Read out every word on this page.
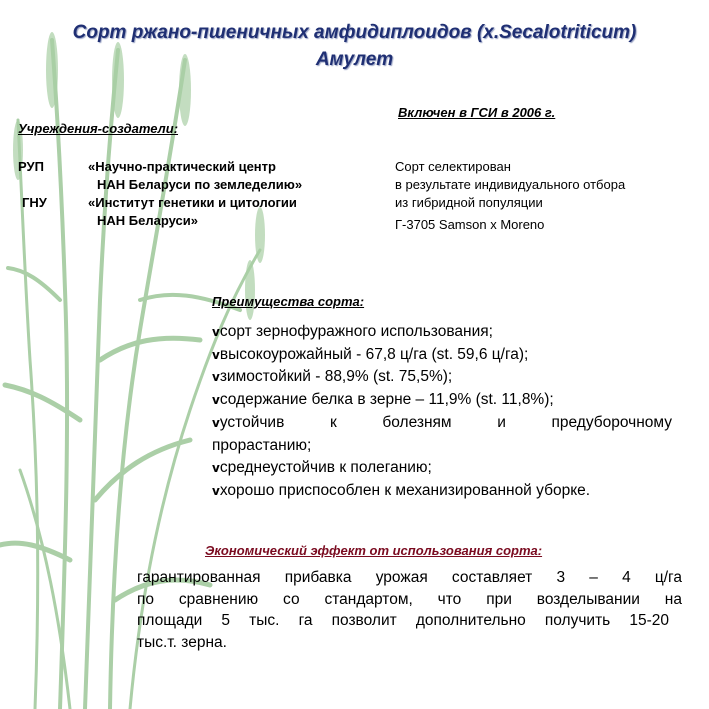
Сорт ржано-пшеничных амфидиплоидов (x.Secalotriticum)
Амулет
Включен в ГСИ в 2006 г.
Учреждения-создатели:
РУП	«Научно-практический центр
НАН Беларуси по земледелию»
ГНУ	«Институт генетики и цитологии
НАН Беларуси»
Сорт селектирован
в результате индивидуального отбора
из гибридной популяции
Г-3705 Samson x Moreno
Преимущества сорта:
vсорт зернофуражного использования;
vвысокоурожайный - 67,8 ц/га (st. 59,6 ц/га);
vзимостойкий - 88,9% (st. 75,5%);
vсодержание белка в зерне – 11,9% (st. 11,8%);
vустойчив к болезням и предуборочному
прорастанию;
vсреднеустойчив к полеганию;
vхорошо приспособлен к механизированной уборке.
Экономический эффект от использования сорта:
гарантированная прибавка урожая составляет 3 – 4 ц/га
по сравнению со стандартом, что при возделывании на
площади 5 тыс. га позволит дополнительно получить 15-20
тыс.т. зерна.
